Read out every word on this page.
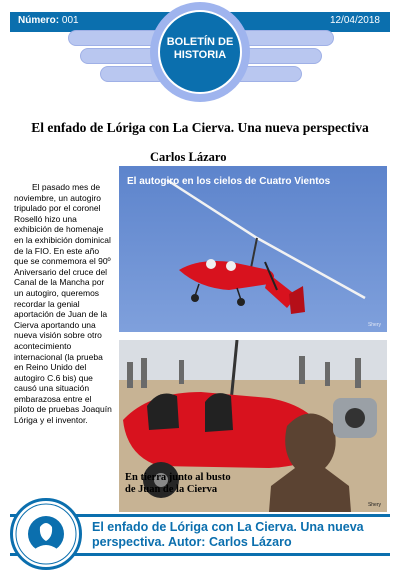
Número: 001	12/04/2018
BOLETÍN DE
HISTORIA
El enfado de Lóriga con La Cierva. Una nueva perspectiva
Carlos Lázaro

El pasado mes de noviembre, un autogiro tripulado por el coronel Roselló hizo una exhibición de homenaje en la exhibición dominical de la FIO. En este año que se conmemora el 90º Aniversario del cruce del Canal de la Mancha por un autogiro, queremos recordar la genial aportación de Juan de la Cierva aportando una nueva visión sobre otro acontecimiento internacional (la prueba en Reino Unido del autogiro C.6 bis) que causó una situación embarazosa entre el piloto de pruebas Joaquín Lóriga y el inventor.

El autogiro en los cielos de Cuatro Vientos
Shery
En tierra junto al busto de Juan de la Cierva
Shery
El enfado de Lóriga con La Cierva. Una nueva perspectiva. Autor: Carlos Lázaro
